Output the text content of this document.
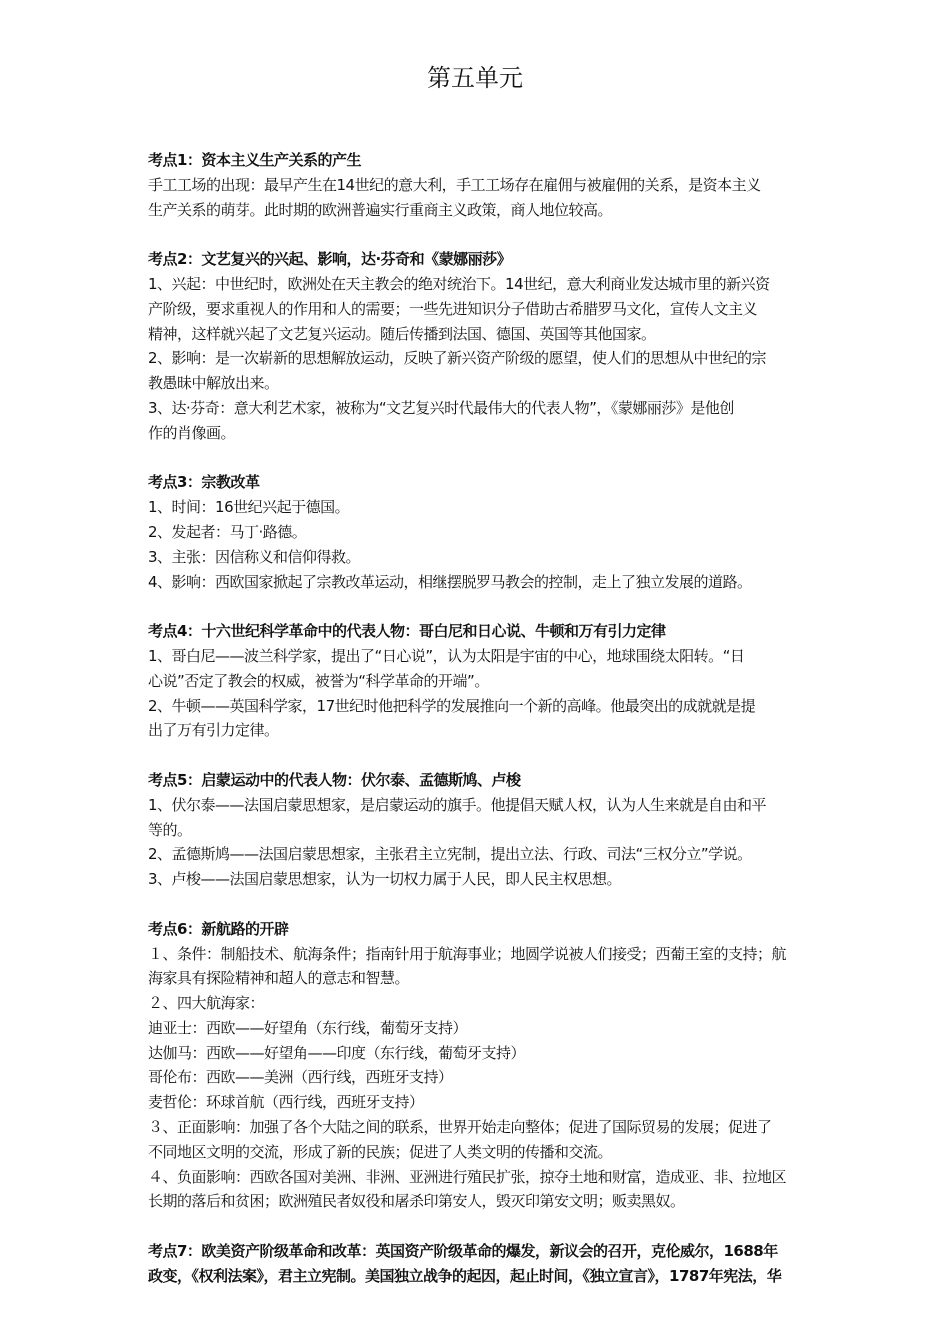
第五单元
考点1：资本主义生产关系的产生
手工工场的出现：最早产生在14世纪的意大利，手工工场存在雇佣与被雇佣的关系，是资本主义
生产关系的萌芽。此时期的欧洲普遍实行重商主义政策，商人地位较高。
考点2：文艺复兴的兴起、影响，达·芬奇和《蒙娜丽莎》
1、兴起：中世纪时，欧洲处在天主教会的绝对统治下。14世纪，意大利商业发达城市里的新兴资
产阶级，要求重视人的作用和人的需要；一些先进知识分子借助古希腊罗马文化，宣传人文主义
精神，这样就兴起了文艺复兴运动。随后传播到法国、德国、英国等其他国家。
2、影响：是一次崭新的思想解放运动，反映了新兴资产阶级的愿望，使人们的思想从中世纪的宗
教愚昧中解放出来。
3、达·芬奇：意大利艺术家，被称为“文艺复兴时代最伟大的代表人物”，《蒙娜丽莎》是他创
作的肖像画。
考点3：宗教改革
1、时间：16世纪兴起于德国。
2、发起者：马丁·路德。
3、主张：因信称义和信仰得救。
4、影响：西欧国家掀起了宗教改革运动，相继摆脱罗马教会的控制，走上了独立发展的道路。
考点4：十六世纪科学革命中的代表人物：哥白尼和日心说、牛顿和万有引力定律
1、哥白尼——波兰科学家，提出了“日心说”，认为太阳是宇宙的中心，地球围绕太阳转。“日
心说”否定了教会的权威，被誉为“科学革命的开端”。
2、牛顿——英国科学家，17世纪时他把科学的发展推向一个新的高峰。他最突出的成就就是提
出了万有引力定律。
考点5：启蒙运动中的代表人物：伏尔泰、孟德斯鸠、卢梭
1、伏尔泰——法国启蒙思想家，是启蒙运动的旗手。他提倡天赋人权，认为人生来就是自由和平
等的。
2、孟德斯鸠——法国启蒙思想家，主张君主立宪制，提出立法、行政、司法“三权分立”学说。
3、卢梭——法国启蒙思想家，认为一切权力属于人民，即人民主权思想。
考点6：新航路的开辟
１、条件：制船技术、航海条件；指南针用于航海事业；地圆学说被人们接受；西葡王室的支持；航
海家具有探险精神和超人的意志和智慧。
２、四大航海家：
迪亚士：西欧——好望角（东行线，葡萄牙支持）
达伽马：西欧——好望角——印度（东行线，葡萄牙支持）
哥伦布：西欧——美洲（西行线，西班牙支持）
麦哲伦：环球首航（西行线，西班牙支持）
３、正面影响：加强了各个大陆之间的联系，世界开始走向整体；促进了国际贸易的发展；促进了
不同地区文明的交流，形成了新的民族；促进了人类文明的传播和交流。
４、负面影响：西欧各国对美洲、非洲、亚洲进行殖民扩张，掠夺土地和财富，造成亚、非、拉地区
长期的落后和贫困；欧洲殖民者奴役和屠杀印第安人，毁灭印第安文明；贩卖黑奴。
考点7：欧美资产阶级革命和改革：英国资产阶级革命的爆发，新议会的召开，克伦威尔，1688年
政变，《权利法案》，君主立宪制。美国独立战争的起因，起止时间，《独立宣言》，1787年宪法，华
